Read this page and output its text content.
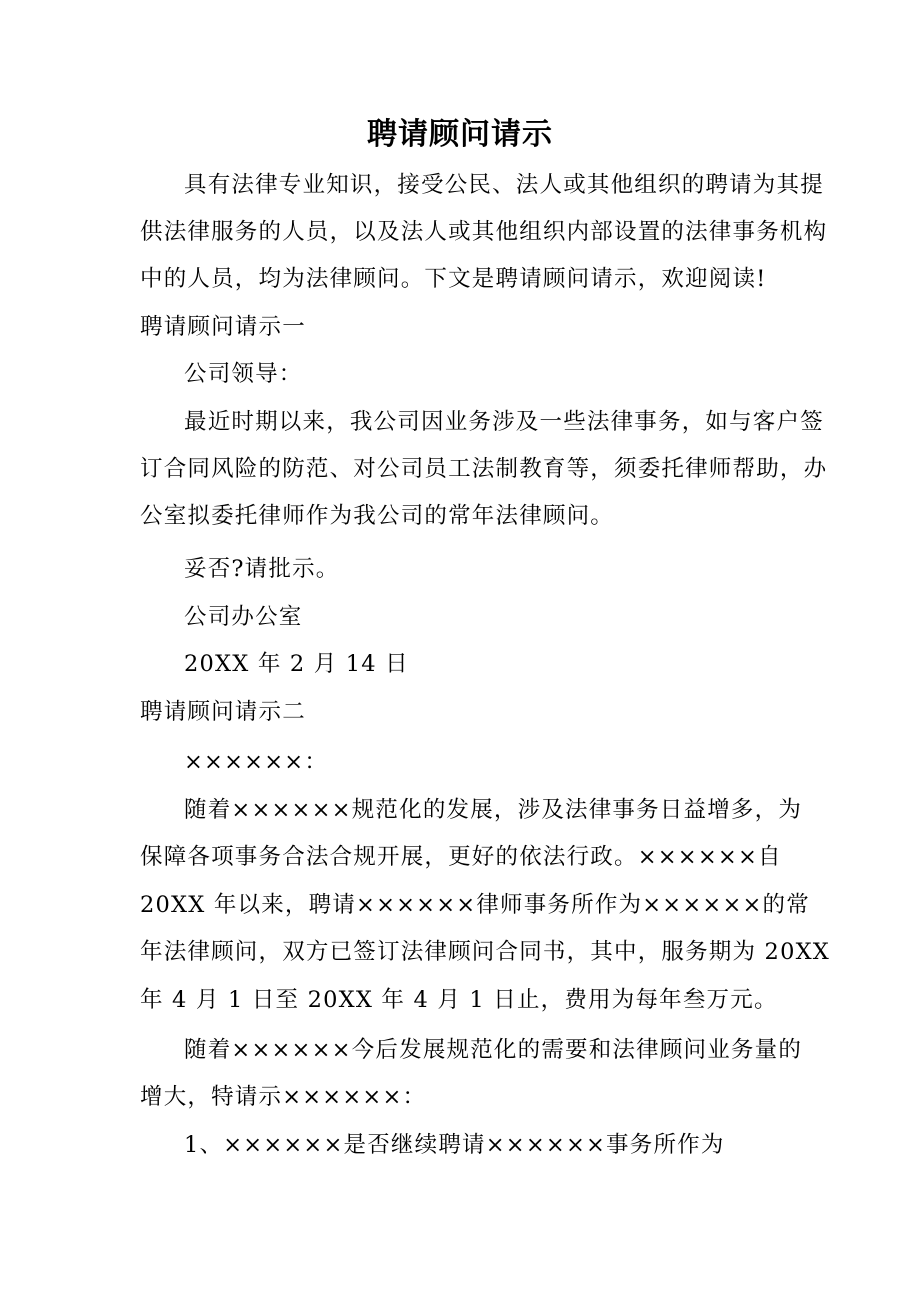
聘请顾问请示
具有法律专业知识，接受公民、法人或其他组织的聘请为其提
供法律服务的人员，以及法人或其他组织内部设置的法律事务机构
中的人员，均为法律顾问。下文是聘请顾问请示，欢迎阅读!
聘请顾问请示一
公司领导：
最近时期以来，我公司因业务涉及一些法律事务，如与客户签
订合同风险的防范、对公司员工法制教育等，须委托律师帮助，办
公室拟委托律师作为我公司的常年法律顾问。
妥否?请批示。
公司办公室
20XX 年 2 月 14 日
聘请顾问请示二
××××××：
随着××××××规范化的发展，涉及法律事务日益增多，为
保障各项事务合法合规开展，更好的依法行政。××××××自
20XX 年以来，聘请××××××律师事务所作为××××××的常
年法律顾问，双方已签订法律顾问合同书，其中，服务期为 20XX
年 4 月 1 日至 20XX 年 4 月 1 日止，费用为每年叁万元。
随着××××××今后发展规范化的需要和法律顾问业务量的
增大，特请示××××××：
1、××××××是否继续聘请××××××事务所作为
